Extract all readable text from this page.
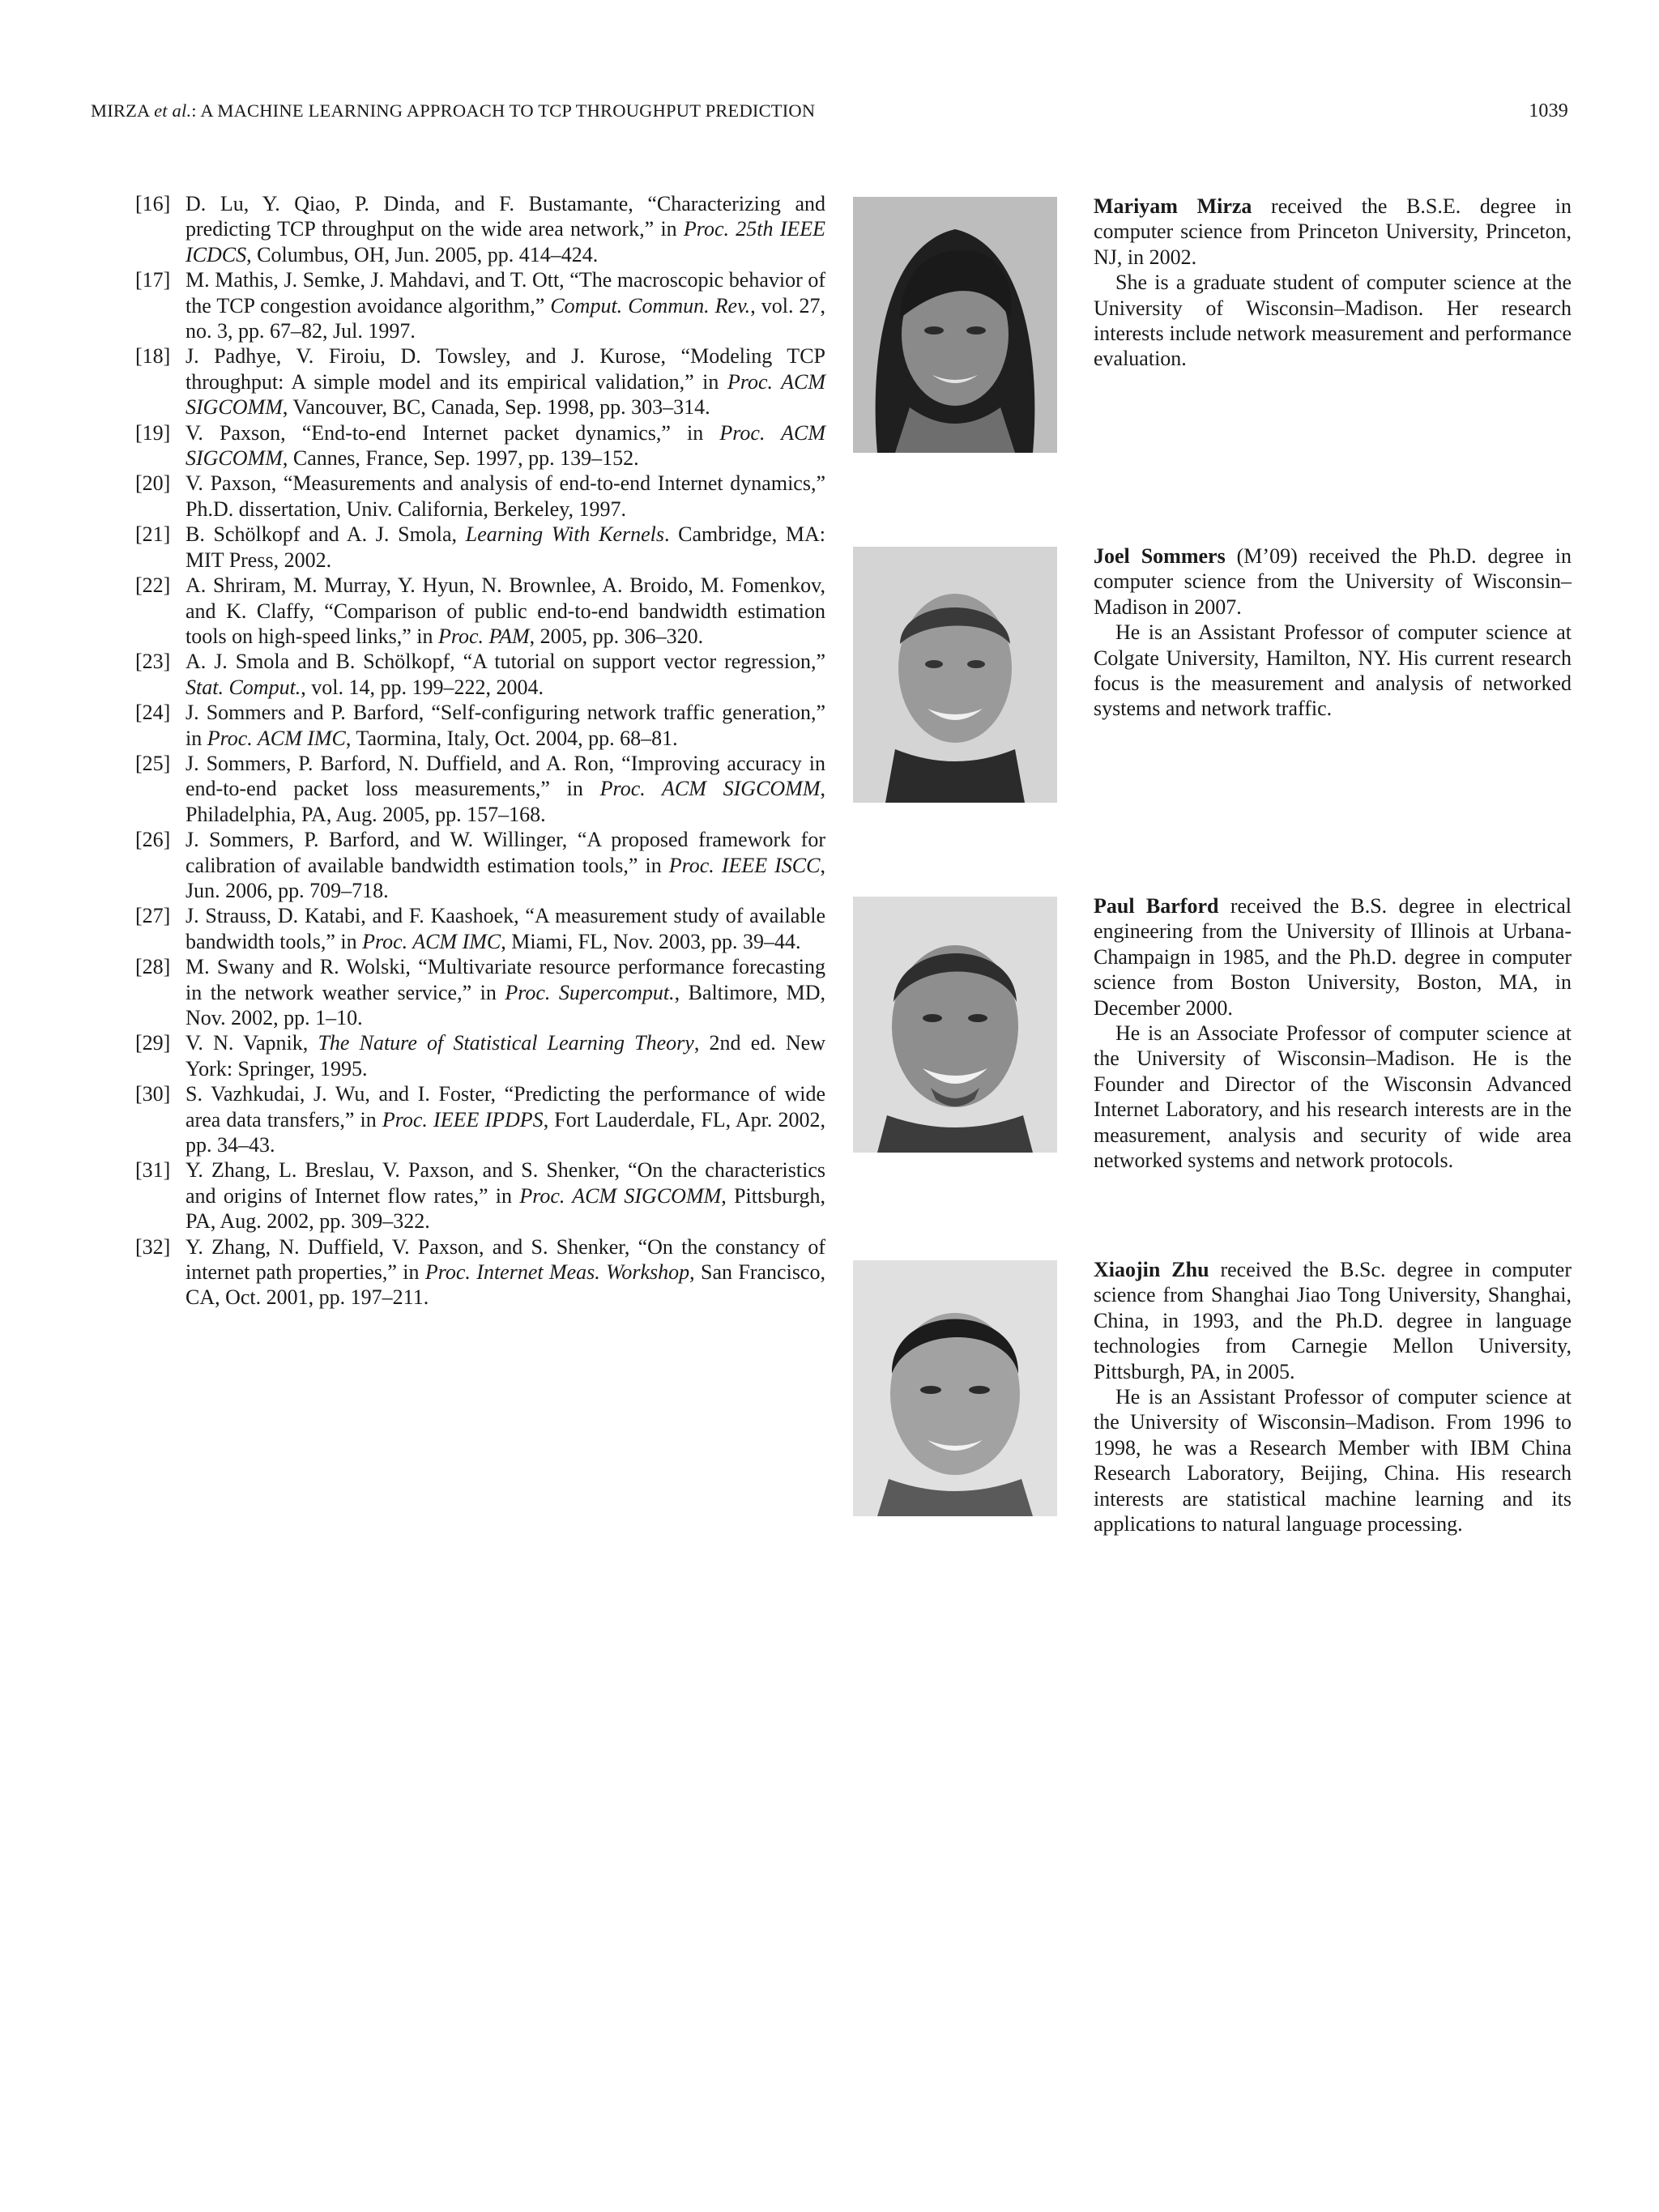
MIRZA et al.: A MACHINE LEARNING APPROACH TO TCP THROUGHPUT PREDICTION	1039

[16] D. Lu, Y. Qiao, P. Dinda, and F. Bustamante, “Characterizing and predicting TCP throughput on the wide area network,” in Proc. 25th IEEE ICDCS, Columbus, OH, Jun. 2005, pp. 414–424.

[17] M. Mathis, J. Semke, J. Mahdavi, and T. Ott, “The macroscopic behavior of the TCP congestion avoidance algorithm,” Comput. Commun. Rev., vol. 27, no. 3, pp. 67–82, Jul. 1997.

[18] J. Padhye, V. Firoiu, D. Towsley, and J. Kurose, “Modeling TCP throughput: A simple model and its empirical validation,” in Proc. ACM SIGCOMM, Vancouver, BC, Canada, Sep. 1998, pp. 303–314.

[19] V. Paxson, “End-to-end Internet packet dynamics,” in Proc. ACM SIGCOMM, Cannes, France, Sep. 1997, pp. 139–152.

[20] V. Paxson, “Measurements and analysis of end-to-end Internet dynamics,” Ph.D. dissertation, Univ. California, Berkeley, 1997.

[21] B. Schölkopf and A. J. Smola, Learning With Kernels. Cambridge, MA: MIT Press, 2002.

[22] A. Shriram, M. Murray, Y. Hyun, N. Brownlee, A. Broido, M. Fomenkov, and K. Claffy, “Comparison of public end-to-end bandwidth estimation tools on high-speed links,” in Proc. PAM, 2005, pp. 306–320.

[23] A. J. Smola and B. Schölkopf, “A tutorial on support vector regression,” Stat. Comput., vol. 14, pp. 199–222, 2004.

[24] J. Sommers and P. Barford, “Self-configuring network traffic generation,” in Proc. ACM IMC, Taormina, Italy, Oct. 2004, pp. 68–81.

[25] J. Sommers, P. Barford, N. Duffield, and A. Ron, “Improving accuracy in end-to-end packet loss measurements,” in Proc. ACM SIGCOMM, Philadelphia, PA, Aug. 2005, pp. 157–168.

[26] J. Sommers, P. Barford, and W. Willinger, “A proposed framework for calibration of available bandwidth estimation tools,” in Proc. IEEE ISCC, Jun. 2006, pp. 709–718.

[27] J. Strauss, D. Katabi, and F. Kaashoek, “A measurement study of available bandwidth tools,” in Proc. ACM IMC, Miami, FL, Nov. 2003, pp. 39–44.

[28] M. Swany and R. Wolski, “Multivariate resource performance forecasting in the network weather service,” in Proc. Supercomput., Baltimore, MD, Nov. 2002, pp. 1–10.

[29] V. N. Vapnik, The Nature of Statistical Learning Theory, 2nd ed. New York: Springer, 1995.

[30] S. Vazhkudai, J. Wu, and I. Foster, “Predicting the performance of wide area data transfers,” in Proc. IEEE IPDPS, Fort Lauderdale, FL, Apr. 2002, pp. 34–43.

[31] Y. Zhang, L. Breslau, V. Paxson, and S. Shenker, “On the characteristics and origins of Internet flow rates,” in Proc. ACM SIGCOMM, Pittsburgh, PA, Aug. 2002, pp. 309–322.

[32] Y. Zhang, N. Duffield, V. Paxson, and S. Shenker, “On the constancy of internet path properties,” in Proc. Internet Meas. Workshop, San Francisco, CA, Oct. 2001, pp. 197–211.

Mariyam Mirza received the B.S.E. degree in computer science from Princeton University, Princeton, NJ, in 2002.

She is a graduate student of computer science at the University of Wisconsin–Madison. Her research interests include network measurement and performance evaluation.

Joel Sommers (M’09) received the Ph.D. degree in computer science from the University of Wisconsin–Madison in 2007.

He is an Assistant Professor of computer science at Colgate University, Hamilton, NY. His current research focus is the measurement and analysis of networked systems and network traffic.

Paul Barford received the B.S. degree in electrical engineering from the University of Illinois at Urbana-Champaign in 1985, and the Ph.D. degree in computer science from Boston University, Boston, MA, in December 2000.

He is an Associate Professor of computer science at the University of Wisconsin–Madison. He is the Founder and Director of the Wisconsin Advanced Internet Laboratory, and his research interests are in the measurement, analysis and security of wide area networked systems and network protocols.

Xiaojin Zhu received the B.Sc. degree in computer science from Shanghai Jiao Tong University, Shanghai, China, in 1993, and the Ph.D. degree in language technologies from Carnegie Mellon University, Pittsburgh, PA, in 2005.

He is an Assistant Professor of computer science at the University of Wisconsin–Madison. From 1996 to 1998, he was a Research Member with IBM China Research Laboratory, Beijing, China. His research interests are statistical machine learning and its applications to natural language processing.
